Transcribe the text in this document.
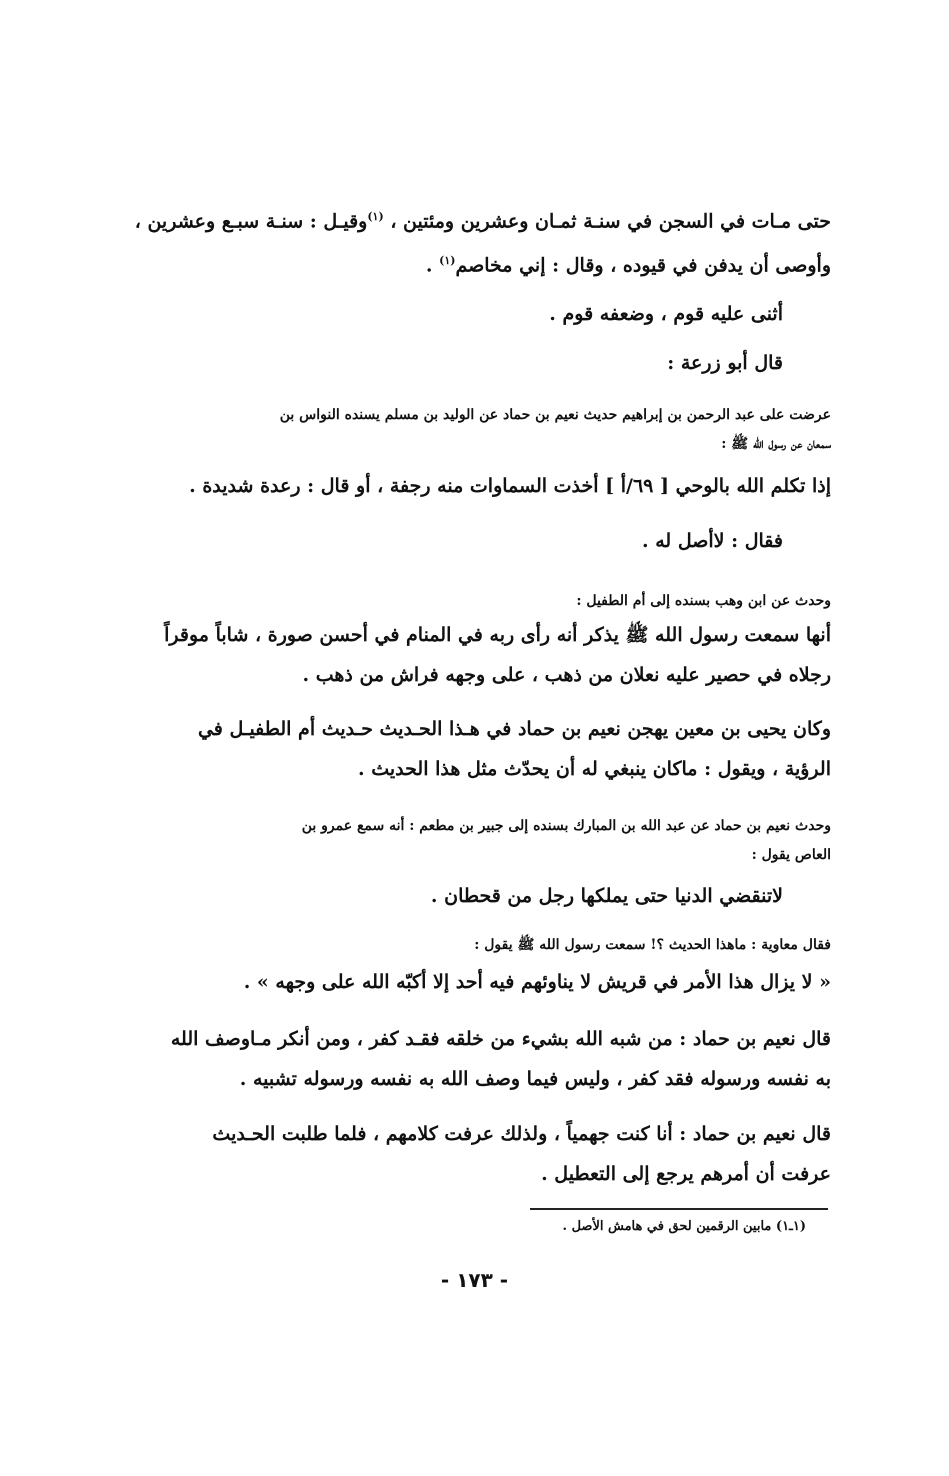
حتى مـات في السجن في سنـة ثمـان وعشرين ومئتين ، $^{(١)}$وقيـل : سنـة سبـع وعشرين ،
وأوصى أن يدفن في قيوده ، وقال : إني مخاصم$^{(١)}$ .
أثنى عليه قوم ، وضعفه قوم .
قال أبو زرعة :
عرضت على عبد الرحمن بن إبراهيم حديث نعيم بن حماد عن الوليد بن مسلم يسنده النواس بن
سمعان عن رسول الله ﷺ :
إذا تكلم الله بالوحي [ ٦٩/أ ] أخذت السماوات منه رجفة ، أو قال : رعدة شديدة .
فقال : لاأصل له .
وحدث عن ابن وهب بسنده إلى أم الطفيل :
أنها سمعت رسول الله ﷺ يذكر أنه رأى ربه في المنام في أحسن صورة ، شاباً موقراً
رجلاه في حصير عليه نعلان من ذهب ، على وجهه فراش من ذهب .
وكان يحيى بن معين يهجن نعيم بن حماد في هـذا الحـديث حـديث أم الطفيـل في
الرؤية ، ويقول : ماكان ينبغي له أن يحدّث مثل هذا الحديث .
وحدث نعيم بن حماد عن عبد الله بن المبارك بسنده إلى جبير بن مطعم : أنه سمع عمرو بن
العاص يقول :
لاتنقضي الدنيا حتى يملكها رجل من قحطان .
فقال معاوية : ماهذا الحديث ؟! سمعت رسول الله ﷺ يقول :
« لا يزال هذا الأمر في قريش لا يناوئهم فيه أحد إلا أكبّه الله على وجهه » .
قال نعيم بن حماد : من شبه الله بشيء من خلقه فقـد كفر ، ومن أنكر مـاوصف الله
به نفسه ورسوله فقد كفر ، وليس فيما وصف الله به نفسه ورسوله تشبيه .
قال نعيم بن حماد : أنا كنت جهمياً ، ولذلك عرفت كلامهم ، فلما طلبت الحـديث
عرفت أن أمرهم يرجع إلى التعطيل .
(١ـ١) مابين الرقمين لحق في هامش الأصل .
- ١٧٣ -
